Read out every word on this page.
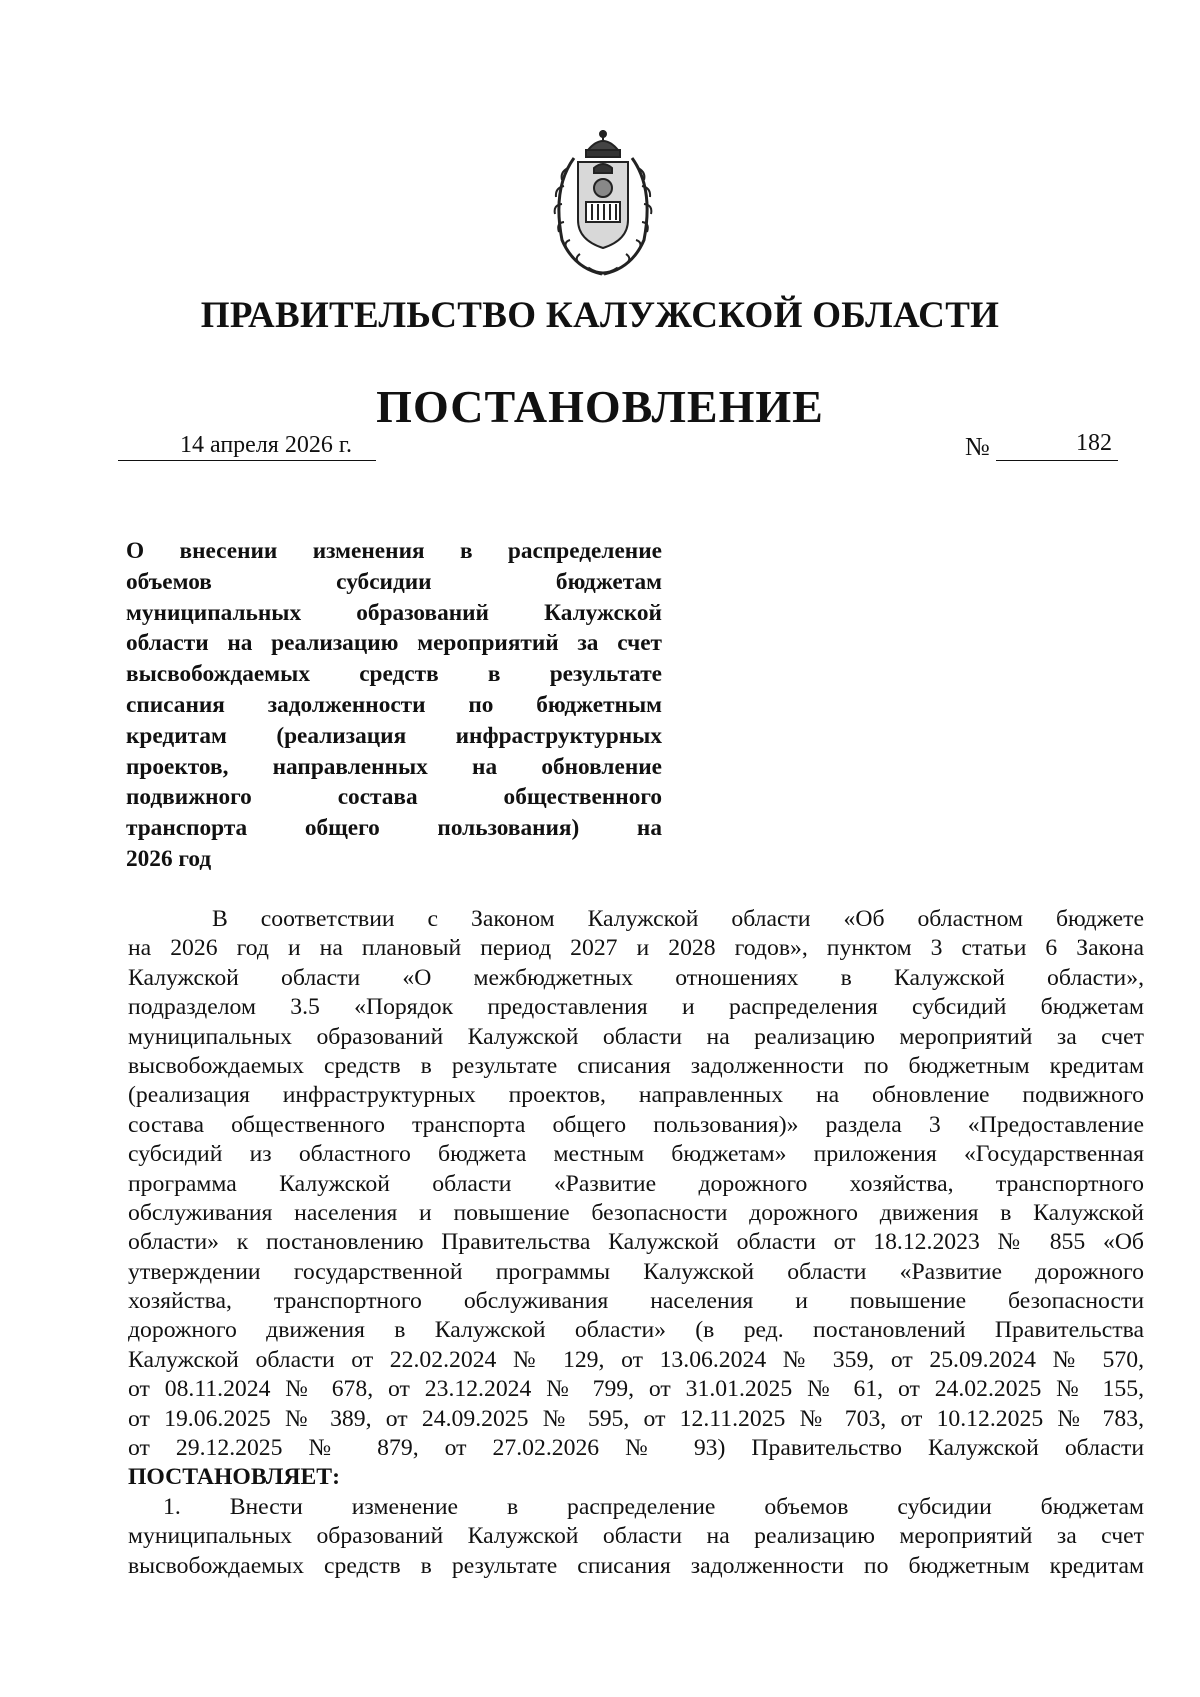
ПРАВИТЕЛЬСТВО КАЛУЖСКОЙ ОБЛАСТИ
ПОСТАНОВЛЕНИЕ
14 апреля 2026 г.	№	182
О внесении изменения в распределение
объемов субсидии бюджетам
муниципальных образований Калужской
области на реализацию мероприятий за счет
высвобождаемых средств в результате
списания задолженности по бюджетным
кредитам (реализация инфраструктурных
проектов, направленных на обновление
подвижного состава общественного
транспорта общего пользования) на
2026 год
В соответствии с Законом Калужской области «Об областном бюджете
на 2026 год и на плановый период 2027 и 2028 годов», пунктом 3 статьи 6 Закона
Калужской области «О межбюджетных отношениях в Калужской области»,
подразделом 3.5 «Порядок предоставления и распределения субсидий бюджетам
муниципальных образований Калужской области на реализацию мероприятий за счет
высвобождаемых средств в результате списания задолженности по бюджетным кредитам
(реализация инфраструктурных проектов, направленных на обновление подвижного
состава общественного транспорта общего пользования)» раздела 3 «Предоставление
субсидий из областного бюджета местным бюджетам» приложения «Государственная
программа Калужской области «Развитие дорожного хозяйства, транспортного
обслуживания населения и повышение безопасности дорожного движения в Калужской
области» к постановлению Правительства Калужской области от 18.12.2023 № 855 «Об
утверждении государственной программы Калужской области «Развитие дорожного
хозяйства, транспортного обслуживания населения и повышение безопасности
дорожного движения в Калужской области» (в ред. постановлений Правительства
Калужской области от 22.02.2024 № 129, от 13.06.2024 № 359, от 25.09.2024 № 570,
от 08.11.2024 № 678, от 23.12.2024 № 799, от 31.01.2025 № 61, от 24.02.2025 № 155,
от 19.06.2025 № 389, от 24.09.2025 № 595, от 12.11.2025 № 703, от 10.12.2025 № 783,
от 29.12.2025 № 879, от 27.02.2026 № 93) Правительство Калужской области
ПОСТАНОВЛЯЕТ:
1. Внести изменение в распределение объемов субсидии бюджетам
муниципальных образований Калужской области на реализацию мероприятий за счет
высвобождаемых средств в результате списания задолженности по бюджетным кредитам
